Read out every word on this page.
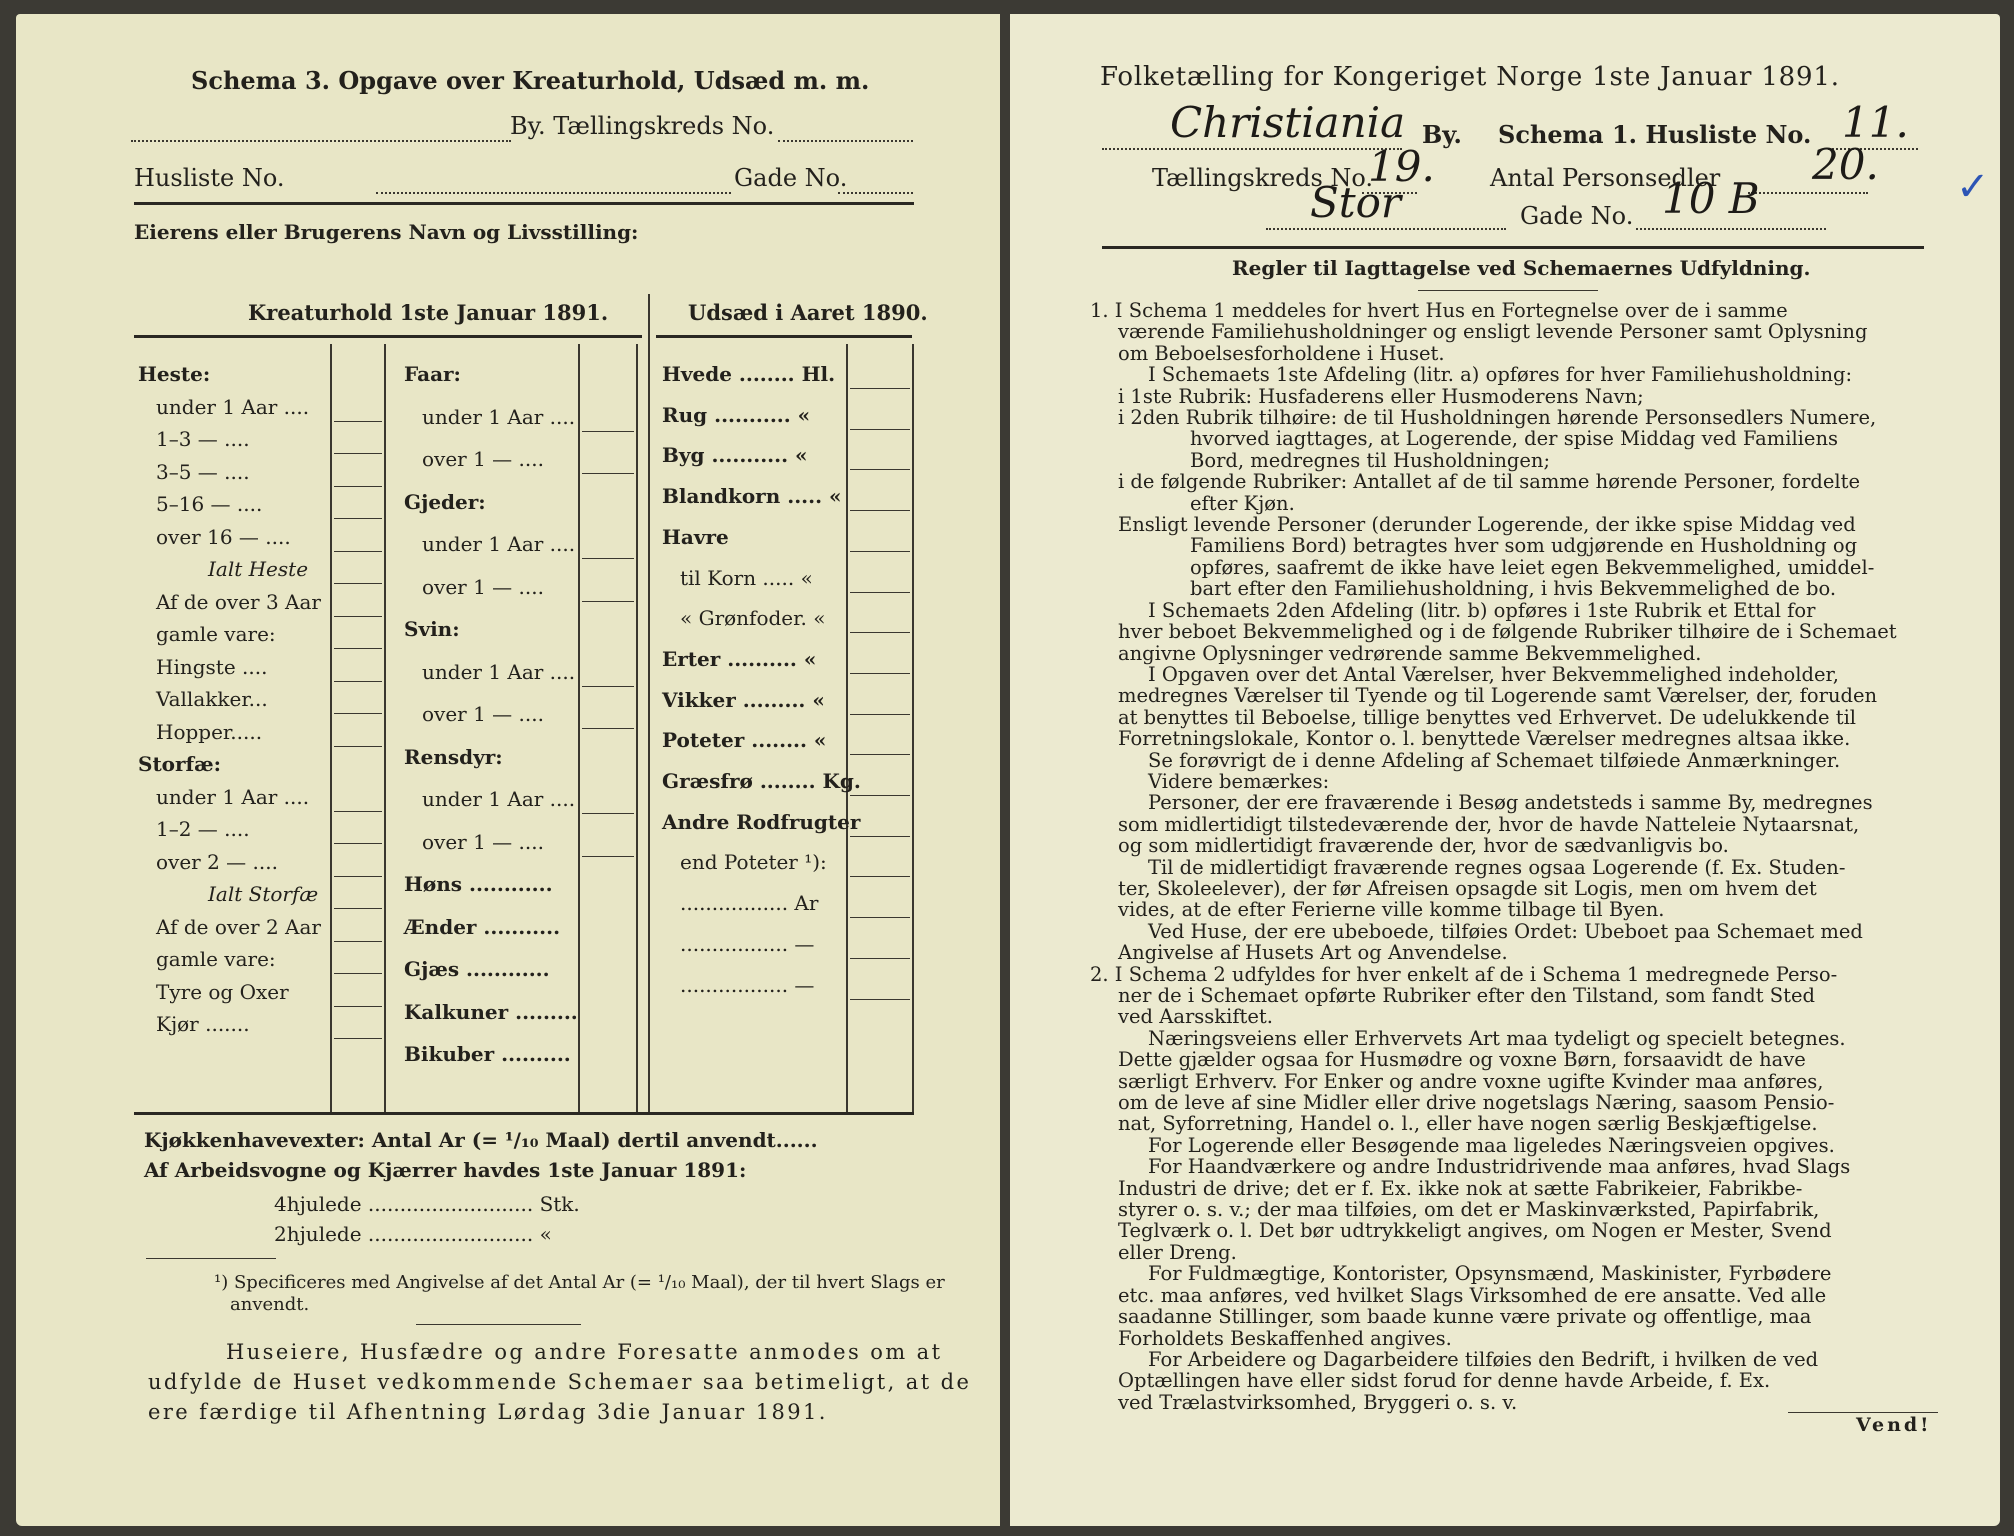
Schema 3. Opgave over Kreaturhold, Udsæd m. m.
By. Tællingskreds No.
Husliste No.	Gade No.
Eierens eller Brugerens Navn og Livsstilling:
Kreaturhold 1ste Januar 1891.	Udsæd i Aaret 1890.
Heste:
under 1 Aar ....
1–3 — ....
3–5 — ....
5–16 — ....
over 16 — ....
Ialt Heste
Af de over 3 Aar
gamle vare:
Hingste ....
Vallakker...
Hopper.....
Storfæ:
under 1 Aar ....
1–2 — ....
over 2 — ....
Ialt Storfæ
Af de over 2 Aar
gamle vare:
Tyre og Oxer
Kjør .......
Faar:
under 1 Aar ....
over 1 — ....
Gjeder:
under 1 Aar ....
over 1 — ....
Svin:
under 1 Aar ....
over 1 — ....
Rensdyr:
under 1 Aar ....
over 1 — ....
Høns ............
Ænder ...........
Gjæs ............
Kalkuner .........
Bikuber ..........
Hvede ........ Hl.
Rug ........... «
Byg ........... «
Blandkorn ..... «
Havre
til Korn ..... «
« Grønfoder. «
Erter .......... «
Vikker ......... «
Poteter ........ «
Græsfrø ........ Kg.
Andre Rodfrugter
end Poteter ¹):
................. Ar
................. —
................. —
Kjøkkenhavevexter: Antal Ar (= ¹/₁₀ Maal) dertil anvendt......
Af Arbeidsvogne og Kjærrer havdes 1ste Januar 1891:
4hjulede .......................... Stk.
2hjulede .......................... «
¹) Specificeres med Angivelse af det Antal Ar (= ¹/₁₀ Maal), der til hvert Slags er
anvendt.
Huseiere, Husfædre og andre Foresatte anmodes om at
udfylde de Huset vedkommende Schemaer saa betimeligt, at de
ere færdige til Afhentning Lørdag 3die Januar 1891.
Folketælling for Kongeriget Norge 1ste Januar 1891.
Christiania By. Schema 1. Husliste No. 11.
Tællingskreds No.
19. Antal Personsedler 20. ✓
Stor	Gade No. 10 B
Regler til Iagttagelse ved Schemaernes Udfyldning.

1. I Schema 1 meddeles for hvert Hus en Fortegnelse over de i samme

værende Familiehusholdninger og ensligt levende Personer samt Oplysning

om Beboelsesforholdene i Huset.

I Schemaets 1ste Afdeling (litr. a) opføres for hver Familiehusholdning:

i 1ste Rubrik: Husfaderens eller Husmoderens Navn;

i 2den Rubrik tilhøire: de til Husholdningen hørende Personsedlers Numere,

hvorved iagttages, at Logerende, der spise Middag ved Familiens

Bord, medregnes til Husholdningen;

i de følgende Rubriker: Antallet af de til samme hørende Personer, fordelte

efter Kjøn.

Ensligt levende Personer (derunder Logerende, der ikke spise Middag ved

Familiens Bord) betragtes hver som udgjørende en Husholdning og

opføres, saafremt de ikke have leiet egen Bekvemmelighed, umiddel-

bart efter den Familiehusholdning, i hvis Bekvemmelighed de bo.

I Schemaets 2den Afdeling (litr. b) opføres i 1ste Rubrik et Ettal for

hver beboet Bekvemmelighed og i de følgende Rubriker tilhøire de i Schemaet

angivne Oplysninger vedrørende samme Bekvemmelighed.

I Opgaven over det Antal Værelser, hver Bekvemmelighed indeholder,

medregnes Værelser til Tyende og til Logerende samt Værelser, der, foruden

at benyttes til Beboelse, tillige benyttes ved Erhvervet. De udelukkende til

Forretningslokale, Kontor o. l. benyttede Værelser medregnes altsaa ikke.

Se forøvrigt de i denne Afdeling af Schemaet tilføiede Anmærkninger.

Videre bemærkes:

Personer, der ere fraværende i Besøg andetsteds i samme By, medregnes

som midlertidigt tilstedeværende der, hvor de havde Natteleie Nytaarsnat,

og som midlertidigt fraværende der, hvor de sædvanligvis bo.

Til de midlertidigt fraværende regnes ogsaa Logerende (f. Ex. Studen-

ter, Skoleelever), der før Afreisen opsagde sit Logis, men om hvem det

vides, at de efter Ferierne ville komme tilbage til Byen.

Ved Huse, der ere ubeboede, tilføies Ordet: Ubeboet paa Schemaet med

Angivelse af Husets Art og Anvendelse.

2. I Schema 2 udfyldes for hver enkelt af de i Schema 1 medregnede Perso-

ner de i Schemaet opførte Rubriker efter den Tilstand, som fandt Sted

ved Aarsskiftet.

Næringsveiens eller Erhvervets Art maa tydeligt og specielt betegnes.

Dette gjælder ogsaa for Husmødre og voxne Børn, forsaavidt de have

særligt Erhverv. For Enker og andre voxne ugifte Kvinder maa anføres,

om de leve af sine Midler eller drive nogetslags Næring, saasom Pensio-

nat, Syforretning, Handel o. l., eller have nogen særlig Beskjæftigelse.

For Logerende eller Besøgende maa ligeledes Næringsveien opgives.

For Haandværkere og andre Industridrivende maa anføres, hvad Slags

Industri de drive; det er f. Ex. ikke nok at sætte Fabrikeier, Fabrikbe-

styrer o. s. v.; der maa tilføies, om det er Maskinværksted, Papirfabrik,

Teglværk o. l. Det bør udtrykkeligt angives, om Nogen er Mester, Svend

eller Dreng.

For Fuldmægtige, Kontorister, Opsynsmænd, Maskinister, Fyrbødere

etc. maa anføres, ved hvilket Slags Virksomhed de ere ansatte. Ved alle

saadanne Stillinger, som baade kunne være private og offentlige, maa

Forholdets Beskaffenhed angives.

For Arbeidere og Dagarbeidere tilføies den Bedrift, i hvilken de ved

Optællingen have eller sidst forud for denne havde Arbeide, f. Ex.

ved Trælastvirksomhed, Bryggeri o. s. v.

Vend!
